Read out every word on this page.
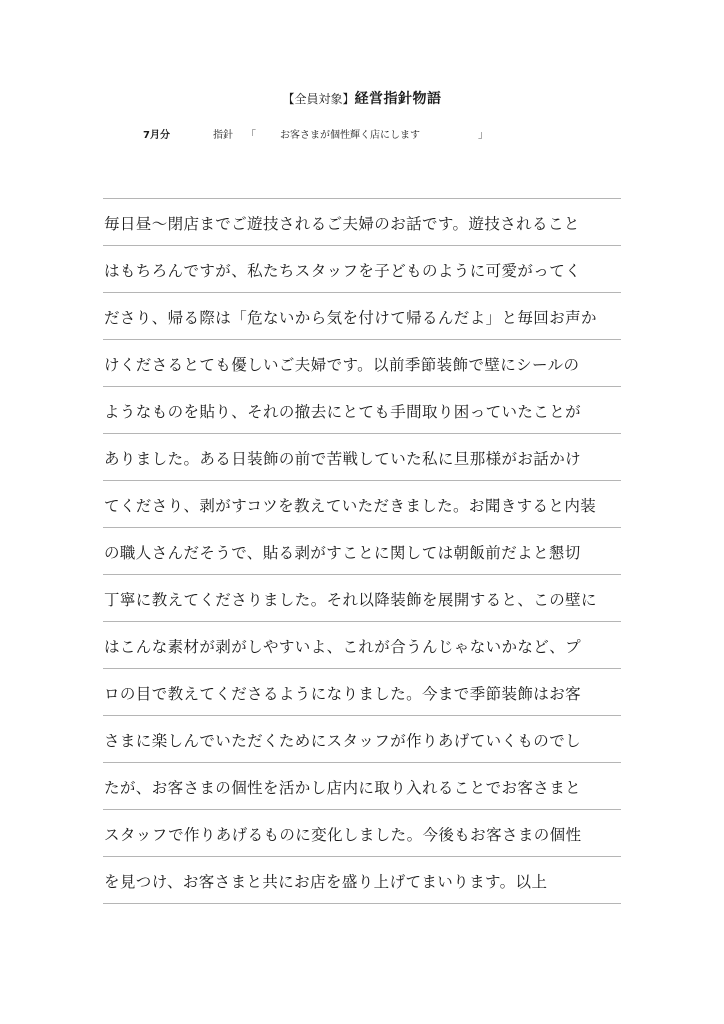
【全員対象】経営指針物語
7月分	指針 「 お客さまが個性輝く店にします	」
毎日昼〜閉店までご遊技されるご夫婦のお話です。遊技されること
はもちろんですが、私たちスタッフを子どものように可愛がってく
ださり、帰る際は「危ないから気を付けて帰るんだよ」と毎回お声か
けくださるとても優しいご夫婦です。以前季節装飾で壁にシールの
ようなものを貼り、それの撤去にとても手間取り困っていたことが
ありました。ある日装飾の前で苦戦していた私に旦那様がお話かけ
てくださり、剥がすコツを教えていただきました。お聞きすると内装
の職人さんだそうで、貼る剥がすことに関しては朝飯前だよと懇切
丁寧に教えてくださりました。それ以降装飾を展開すると、この壁に
はこんな素材が剥がしやすいよ、これが合うんじゃないかなど、プ
ロの目で教えてくださるようになりました。今まで季節装飾はお客
さまに楽しんでいただくためにスタッフが作りあげていくものでし
たが、お客さまの個性を活かし店内に取り入れることでお客さまと
スタッフで作りあげるものに変化しました。今後もお客さまの個性
を見つけ、お客さまと共にお店を盛り上げてまいります。以上
